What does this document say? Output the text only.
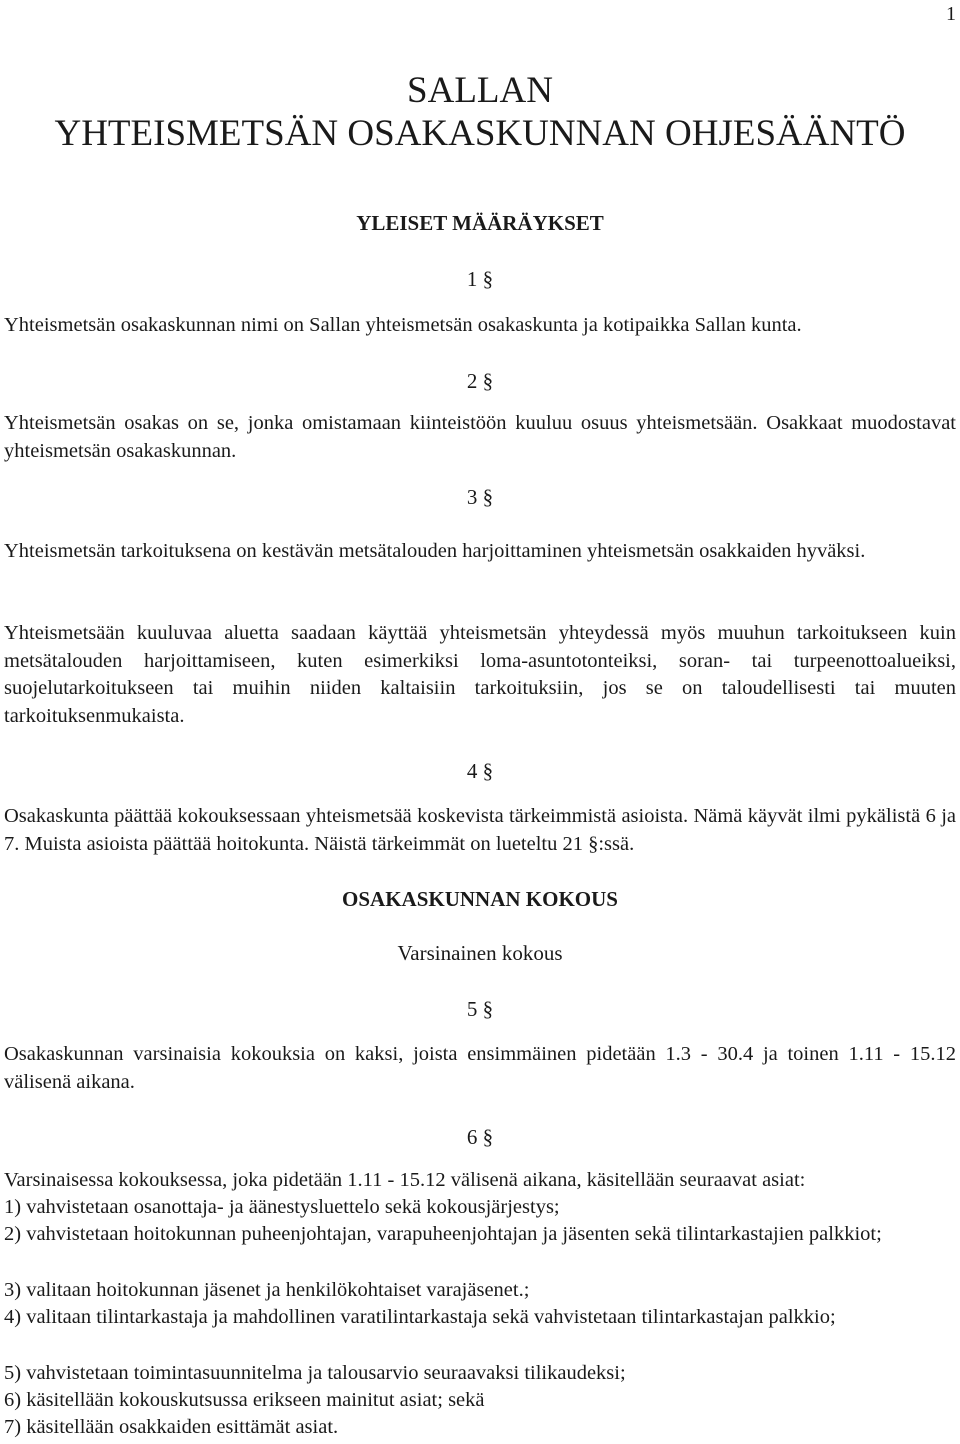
1
SALLAN
YHTEISMETSÄN OSAKASKUNNAN OHJESÄÄNTÖ
YLEISET MÄÄRÄYKSET
1 §
Yhteismetsän osakaskunnan nimi on Sallan yhteismetsän osakaskunta ja kotipaikka Sallan kunta.
2 §
Yhteismetsän osakas on se, jonka omistamaan kiinteistöön kuuluu osuus yhteismetsään. Osakkaat muodostavat yhteismetsän osakaskunnan.
3 §
Yhteismetsän tarkoituksena on kestävän metsätalouden harjoittaminen yhteismetsän osakkaiden hyväksi.
Yhteismetsään kuuluvaa aluetta saadaan käyttää yhteismetsän yhteydessä myös muuhun tarkoitukseen kuin metsätalouden harjoittamiseen, kuten esimerkiksi loma-asuntotonteiksi, soran- tai turpeenottoalueiksi, suojelutarkoitukseen tai muihin niiden kaltaisiin tarkoituksiin, jos se on taloudellisesti tai muuten tarkoituksenmukaista.
4 §
Osakaskunta päättää kokouksessaan yhteismetsää koskevista tärkeimmistä asioista. Nämä käyvät ilmi pykälistä 6 ja 7. Muista asioista päättää hoitokunta. Näistä tärkeimmät on lueteltu 21 §:ssä.
OSAKASKUNNAN KOKOUS
Varsinainen kokous
5 §
Osakaskunnan varsinaisia kokouksia on kaksi, joista ensimmäinen pidetään 1.3 - 30.4 ja toinen 1.11 - 15.12 välisenä aikana.
6 §
Varsinaisessa kokouksessa, joka pidetään 1.11 - 15.12 välisenä aikana, käsitellään seuraavat asiat:
1) vahvistetaan osanottaja- ja äänestysluettelo sekä kokousjärjestys;
2) vahvistetaan hoitokunnan puheenjohtajan, varapuheenjohtajan ja jäsenten sekä tilintarkastajien palkkiot;
3) valitaan hoitokunnan jäsenet ja henkilökohtaiset varajäsenet.;
4) valitaan tilintarkastaja ja mahdollinen varatilintarkastaja sekä vahvistetaan tilintarkastajan palkkio;
5) vahvistetaan toimintasuunnitelma ja talousarvio seuraavaksi tilikaudeksi;
6) käsitellään kokouskutsussa erikseen mainitut asiat; sekä
7) käsitellään osakkaiden esittämät asiat.
